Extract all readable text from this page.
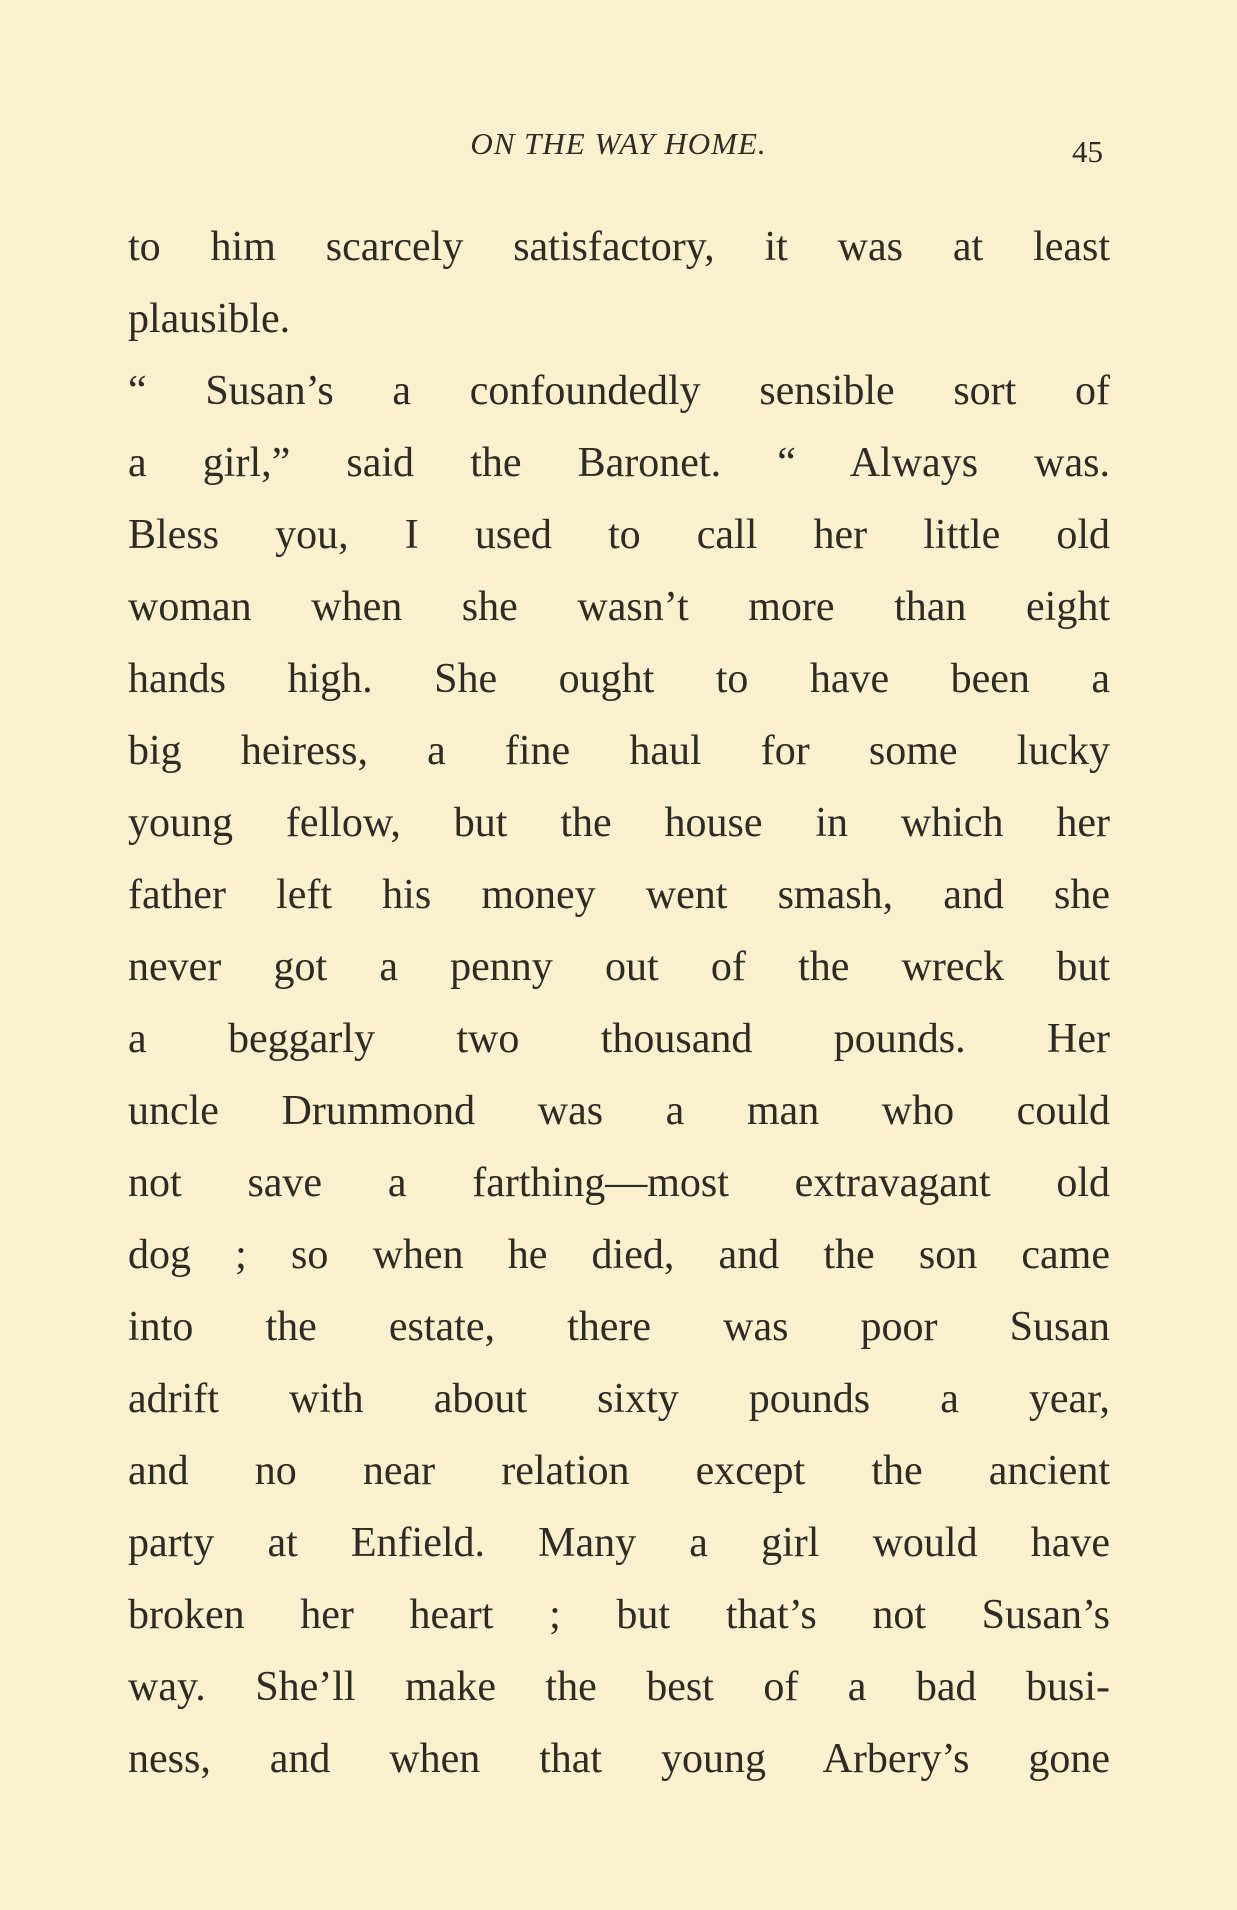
ON THE WAY HOME.	45
to him scarcely satisfactory, it was at least
plausible.
“ Susan’s a confoundedly sensible sort of
a girl,” said the Baronet. “ Always was.
Bless you, I used to call her little old
woman when she wasn’t more than eight
hands high. She ought to have been a
big heiress, a fine haul for some lucky
young fellow, but the house in which her
father left his money went smash, and she
never got a penny out of the wreck but
a beggarly two thousand pounds. Her
uncle Drummond was a man who could
not save a farthing—most extravagant old
dog ; so when he died, and the son came
into the estate, there was poor Susan
adrift with about sixty pounds a year,
and no near relation except the ancient
party at Enfield. Many a girl would have
broken her heart ; but that’s not Susan’s
way. She’ll make the best of a bad busi-
ness, and when that young Arbery’s gone
